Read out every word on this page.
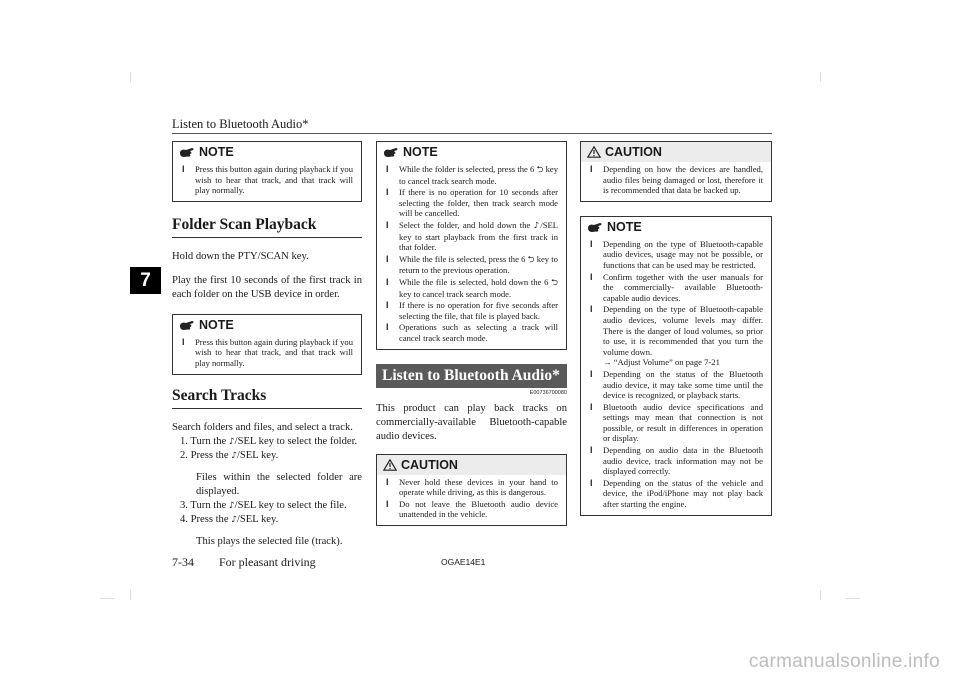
Listen to Bluetooth Audio*
7
NOTE
l Press this button again during playback if you wish to hear that track, and that track will play normally.
Folder Scan Playback
Hold down the PTY/SCAN key.
Play the first 10 seconds of the first track in each folder on the USB device in order.
NOTE
l Press this button again during playback if you wish to hear that track, and that track will play normally.
Search Tracks
Search folders and files, and select a track.
1. Turn the ♪/SEL key to select the folder.
2. Press the ♪/SEL key.
Files within the selected folder are displayed.
3. Turn the ♪/SEL key to select the file.
4. Press the ♪/SEL key.
This plays the selected file (track).
NOTE
l While the folder is selected, press the 6 ⮌ key to cancel track search mode.
l If there is no operation for 10 seconds after selecting the folder, then track search mode will be cancelled.
l Select the folder, and hold down the ♪/SEL key to start playback from the first track in that folder.
l While the file is selected, press the 6 ⮌ key to return to the previous operation.
l While the file is selected, hold down the 6 ⮌ key to cancel track search mode.
l If there is no operation for five seconds after selecting the file, that file is played back.
l Operations such as selecting a track will cancel track search mode.
Listen to Bluetooth Audio*
E00736700080
This product can play back tracks on commercially-available Bluetooth-capable audio devices.
CAUTION
l Never hold these devices in your hand to operate while driving, as this is dangerous.
l Do not leave the Bluetooth audio device unattended in the vehicle.
CAUTION
l Depending on how the devices are handled, audio files being damaged or lost, therefore it is recommended that data be backed up.
NOTE
l Depending on the type of Bluetooth-capable audio devices, usage may not be possible, or functions that can be used may be restricted.
l Confirm together with the user manuals for the commercially- available Bluetooth-capable audio devices.
l Depending on the type of Bluetooth-capable audio devices, volume levels may differ. There is the danger of loud volumes, so prior to use, it is recommended that you turn the volume down.
→ “Adjust Volume” on page 7-21
l Depending on the status of the Bluetooth audio device, it may take some time until the device is recognized, or playback starts.
l Bluetooth audio device specifications and settings may mean that connection is not possible, or result in differences in operation or display.
l Depending on audio data in the Bluetooth audio device, track information may not be displayed correctly.
l Depending on the status of the vehicle and device, the iPod/iPhone may not play back after starting the engine.
7-34 For pleasant driving	OGAE14E1
carmanualsonline.info
